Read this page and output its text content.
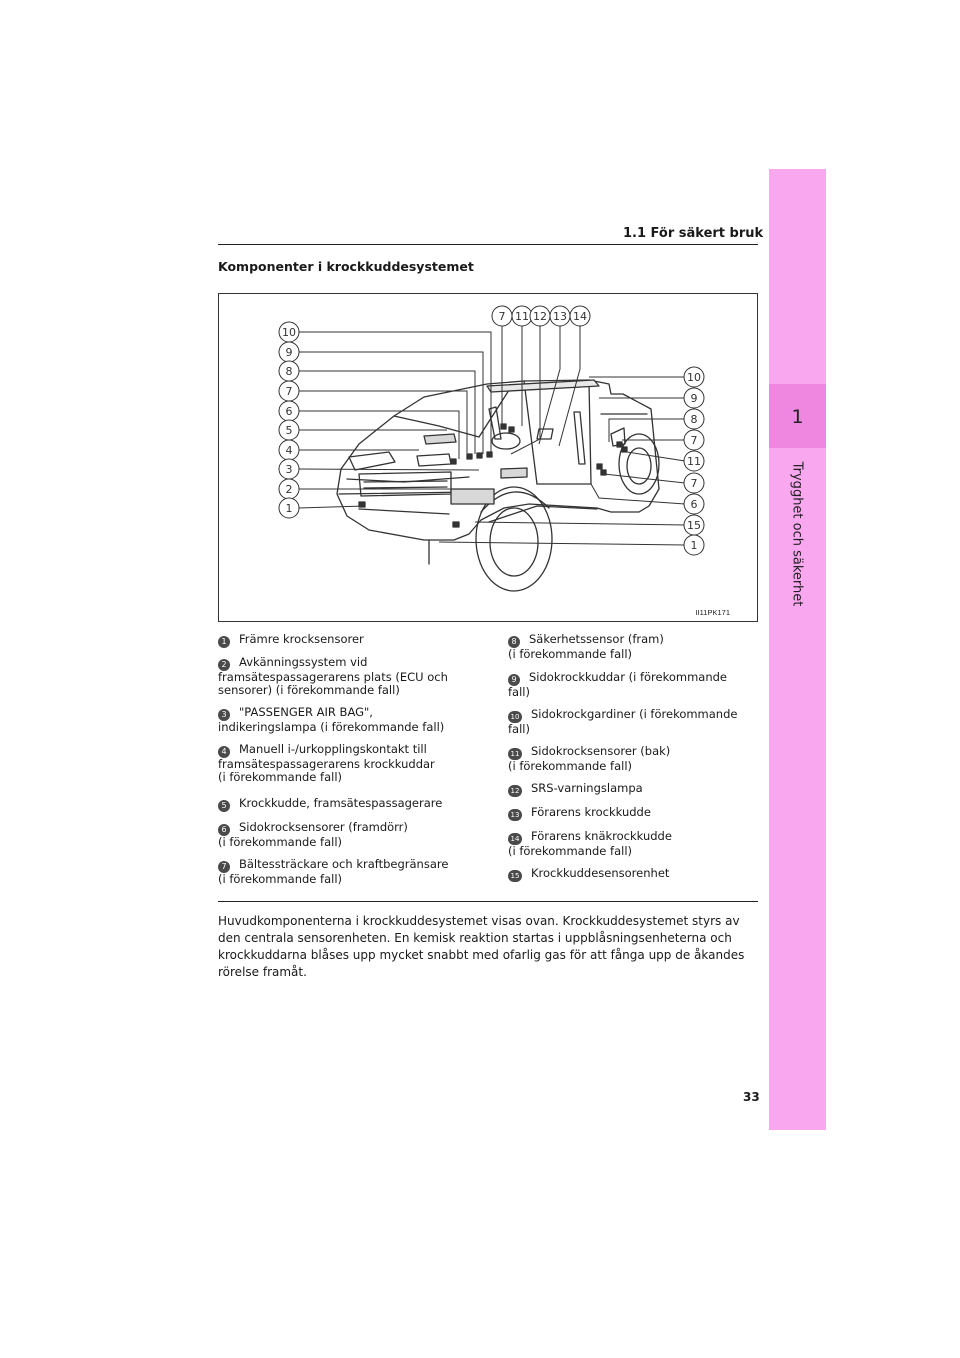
1
Trygghet och säkerhet
1.1 För säkert bruk
Komponenter i krockkuddesystemet
10
9
8
7
6
5
4
3
2
1
7 11 12 13 14
10
9
8
7
11
7
6
15
1
II11PK171
1 Främre krocksensorer
2 Avkänningssystem vid
framsätespassagerarens plats (ECU och
sensorer) (i förekommande fall)
3 "PASSENGER AIR BAG",
indikeringslampa (i förekommande fall)
4 Manuell i-/urkopplingskontakt till
framsätespassagerarens krockkuddar
(i förekommande fall)
5 Krockkudde, framsätespassagerare
6 Sidokrocksensorer (framdörr)
(i förekommande fall)
7 Bältessträckare och kraftbegränsare
(i förekommande fall)
8 Säkerhetssensor (fram)
(i förekommande fall)
9 Sidokrockkuddar (i förekommande
fall)
10 Sidokrockgardiner (i förekommande
fall)
11 Sidokrocksensorer (bak)
(i förekommande fall)
12 SRS-varningslampa
13 Förarens krockkudde
14 Förarens knäkrockkudde
(i förekommande fall)
15 Krockkuddesensorenhet
Huvudkomponenterna i krockkuddesystemet visas ovan. Krockkuddesystemet styrs av den centrala sensorenheten. En kemisk reaktion startas i uppblåsningsenheterna och krockkuddarna blåses upp mycket snabbt med ofarlig gas för att fånga upp de åkandes rörelse framåt.
33
